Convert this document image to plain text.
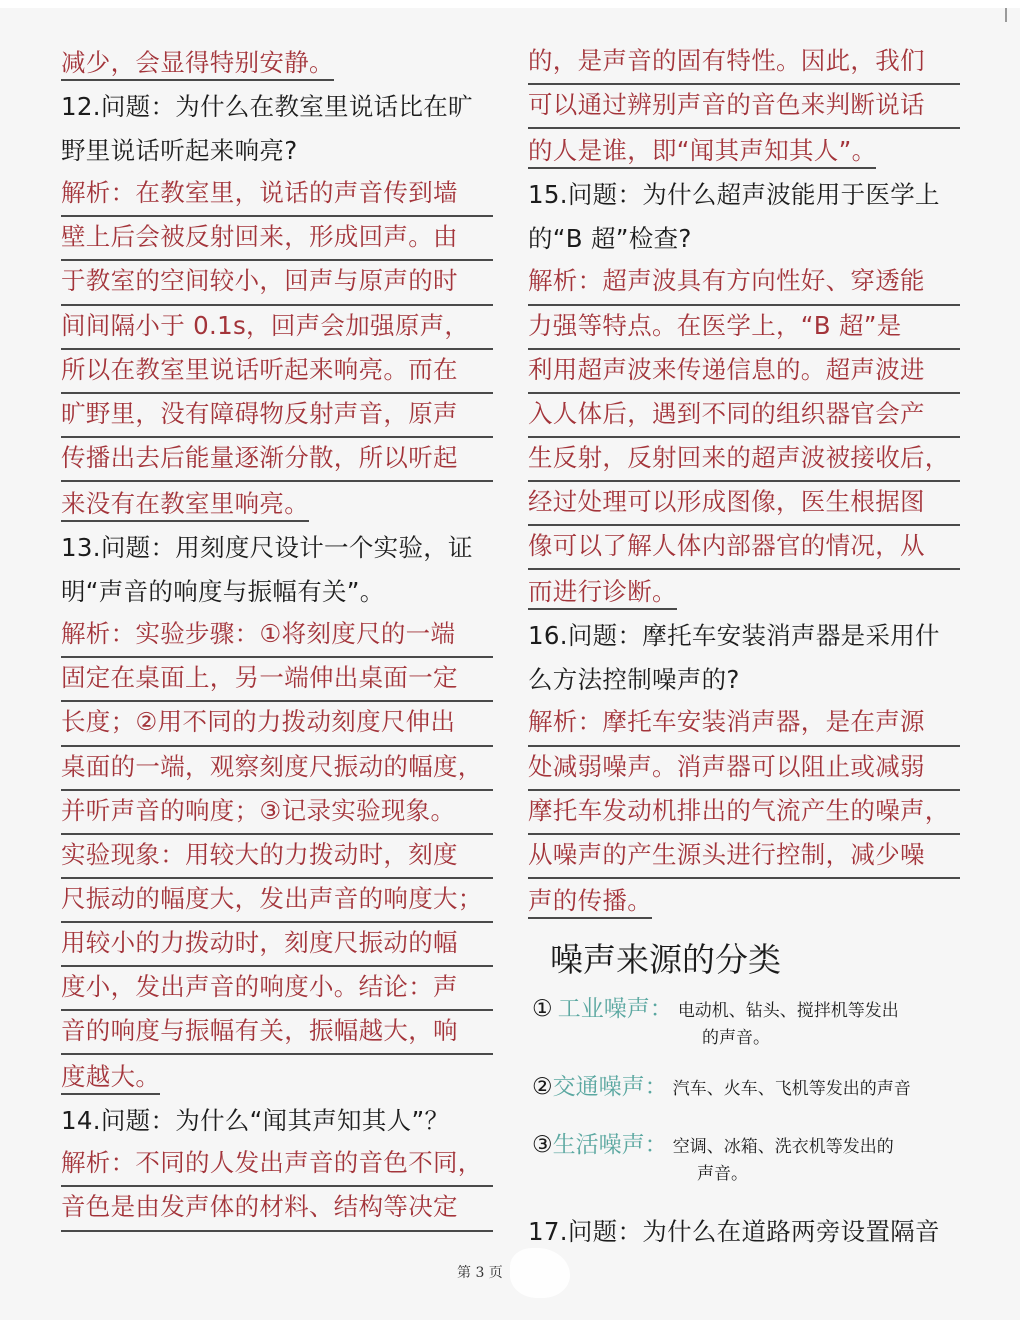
减少，会显得特别安静。
12.问题：为什么在教室里说话比在旷
野里说话听起来响亮?
解析：在教室里，说话的声音传到墙
壁上后会被反射回来，形成回声。由
于教室的空间较小，回声与原声的时
间间隔小于 0.1s，回声会加强原声，
所以在教室里说话听起来响亮。而在
旷野里，没有障碍物反射声音，原声
传播出去后能量逐渐分散，所以听起
来没有在教室里响亮。
13.问题：用刻度尺设计一个实验，证
明“声音的响度与振幅有关”。
解析：实验步骤：①将刻度尺的一端
固定在桌面上，另一端伸出桌面一定
长度；②用不同的力拨动刻度尺伸出
桌面的一端，观察刻度尺振动的幅度，
并听声音的响度；③记录实验现象。
实验现象：用较大的力拨动时，刻度
尺振动的幅度大，发出声音的响度大；
用较小的力拨动时，刻度尺振动的幅
度小，发出声音的响度小。结论：声
音的响度与振幅有关，振幅越大，响
度越大。
14.问题：为什么“闻其声知其人”？
解析：不同的人发出声音的音色不同，
音色是由发声体的材料、结构等决定
的，是声音的固有特性。因此，我们
可以通过辨别声音的音色来判断说话
的人是谁，即“闻其声知其人”。
15.问题：为什么超声波能用于医学上
的“B 超”检查?
解析：超声波具有方向性好、穿透能
力强等特点。在医学上，“B 超”是
利用超声波来传递信息的。超声波进
入人体后，遇到不同的组织器官会产
生反射，反射回来的超声波被接收后，
经过处理可以形成图像，医生根据图
像可以了解人体内部器官的情况，从
而进行诊断。
16.问题：摩托车安装消声器是采用什
么方法控制噪声的?
解析：摩托车安装消声器，是在声源
处减弱噪声。消声器可以阻止或减弱
摩托车发动机排出的气流产生的噪声，
从噪声的产生源头进行控制，减少噪
声的传播。
噪声来源的分类
① 工业噪声： 电动机、钻头、搅拌机等发出
的声音。
②交通噪声： 汽车、火车、飞机等发出的声音
③生活噪声： 空调、冰箱、洗衣机等发出的
声音。
17.问题：为什么在道路两旁设置隔音
第 3 页
